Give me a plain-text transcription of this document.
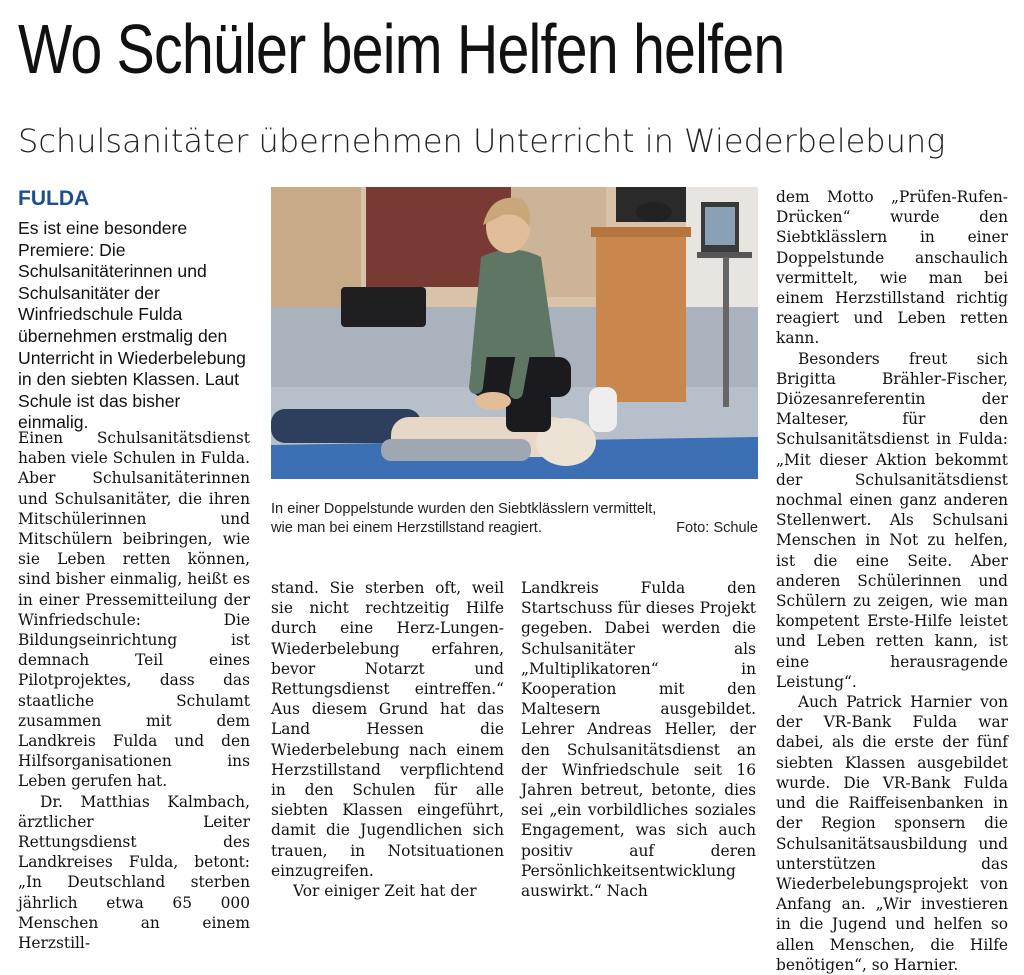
Wo Schüler beim Helfen helfen
Schulsanitäter übernehmen Unterricht in Wiederbelebung
FULDA
Es ist eine besondere Premiere: Die Schulsanitäterinnen und Schulsanitäter der Winfriedschule Fulda übernehmen erstmalig den Unterricht in Wiederbelebung in den siebten Klassen. Laut Schule ist das bisher einmalig.

Einen Schulsanitätsdienst haben viele Schulen in Fulda. Aber Schulsanitäterinnen und Schulsanitäter, die ihren Mitschülerinnen und Mitschülern beibringen, wie sie Leben retten können, sind bisher einmalig, heißt es in einer Pressemitteilung der Winfriedschule: Die Bildungseinrichtung ist demnach Teil eines Pilotprojektes, dass das staatliche Schulamt zusammen mit dem Landkreis Fulda und den Hilfsorganisationen ins Leben gerufen hat.

Dr. Matthias Kalmbach, ärztlicher Leiter Rettungsdienst des Landkreises Fulda, betont: „In Deutschland sterben jährlich etwa 65 000 Menschen an einem Herzstill-

In einer Doppelstunde wurden den Siebtklässlern vermittelt,
wie man bei einem Herzstillstand reagiert.	Foto: Schule

stand. Sie sterben oft, weil sie nicht rechtzeitig Hilfe durch eine Herz-Lungen-Wiederbelebung erfahren, bevor Notarzt und Rettungsdienst eintreffen.“ Aus diesem Grund hat das Land Hessen die Wiederbelebung nach einem Herzstillstand verpflichtend in den Schulen für alle siebten Klassen eingeführt, damit die Jugendlichen sich trauen, in Notsituationen einzugreifen.

Vor einiger Zeit hat der

Landkreis Fulda den Startschuss für dieses Projekt gegeben. Dabei werden die Schulsanitäter als „Multiplikatoren“ in Kooperation mit den Maltesern ausgebildet. Lehrer Andreas Heller, der den Schulsanitätsdienst an der Winfriedschule seit 16 Jahren betreut, betonte, dies sei „ein vorbildliches soziales Engagement, was sich auch positiv auf deren Persönlichkeitsentwicklung auswirkt.“ Nach

dem Motto „Prüfen-Rufen-Drücken“ wurde den Siebtklässlern in einer Doppelstunde anschaulich vermittelt, wie man bei einem Herzstillstand richtig reagiert und Leben retten kann.

Besonders freut sich Brigitta Brähler-Fischer, Diözesanreferentin der Malteser, für den Schulsanitätsdienst in Fulda: „Mit dieser Aktion bekommt der Schulsanitätsdienst nochmal einen ganz anderen Stellenwert. Als Schulsani Menschen in Not zu helfen, ist die eine Seite. Aber anderen Schülerinnen und Schülern zu zeigen, wie man kompetent Erste-Hilfe leistet und Leben retten kann, ist eine herausragende Leistung“.

Auch Patrick Harnier von der VR-Bank Fulda war dabei, als die erste der fünf siebten Klassen ausgebildet wurde. Die VR-Bank Fulda und die Raiffeisenbanken in der Region sponsern die Schulsanitätsausbildung und unterstützen das Wiederbelebungsprojekt von Anfang an. „Wir investieren in die Jugend und helfen so allen Menschen, die Hilfe benötigen“, so Harnier.
